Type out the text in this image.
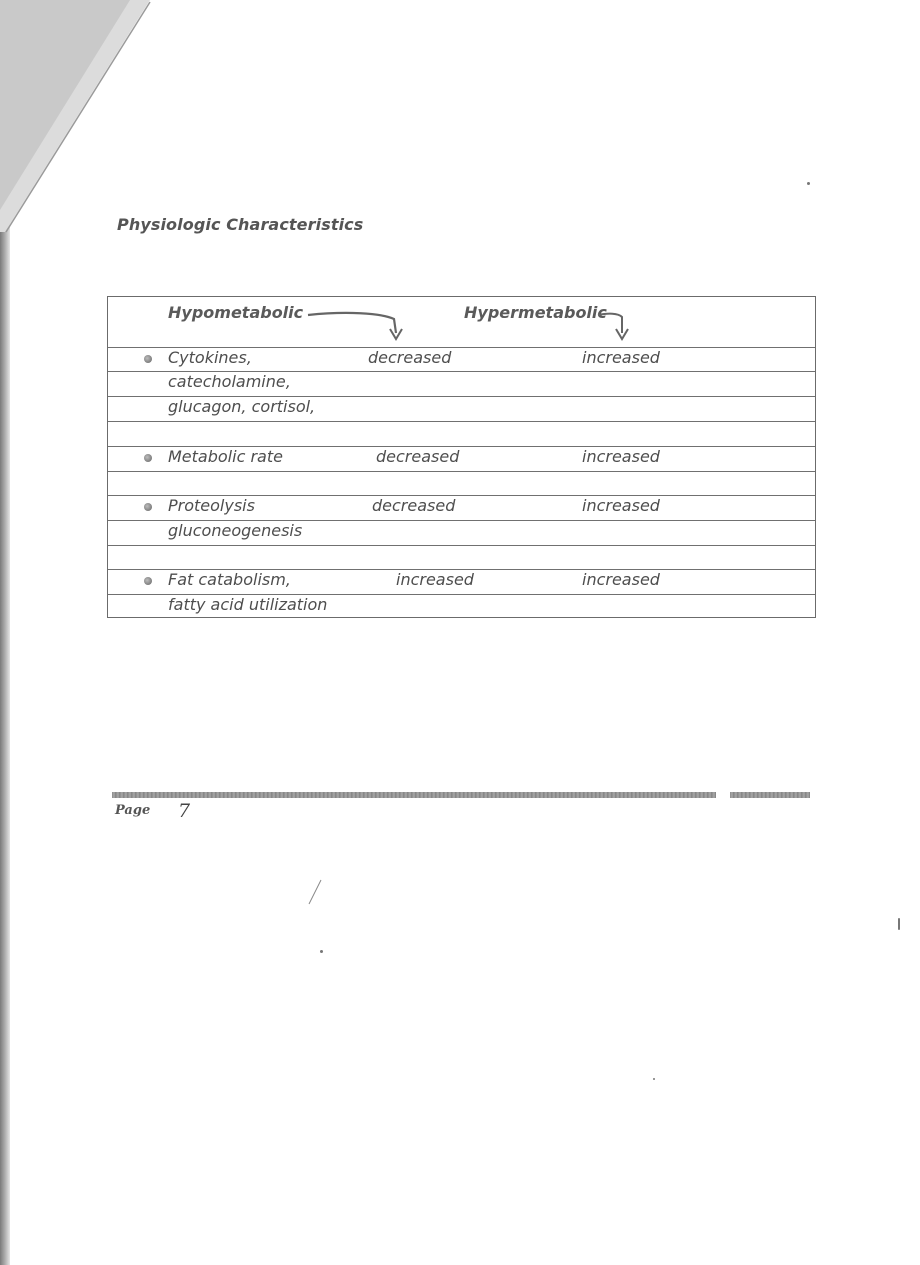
Physiologic Characteristics
Hypometabolic	Hypermetabolic
Cytokines,	decreased	increased
catecholamine,
glucagon, cortisol,
Metabolic rate	decreased	increased
Proteolysis	decreased	increased
gluconeogenesis
Fat catabolism,	increased	increased
fatty acid utilization
Page 7
